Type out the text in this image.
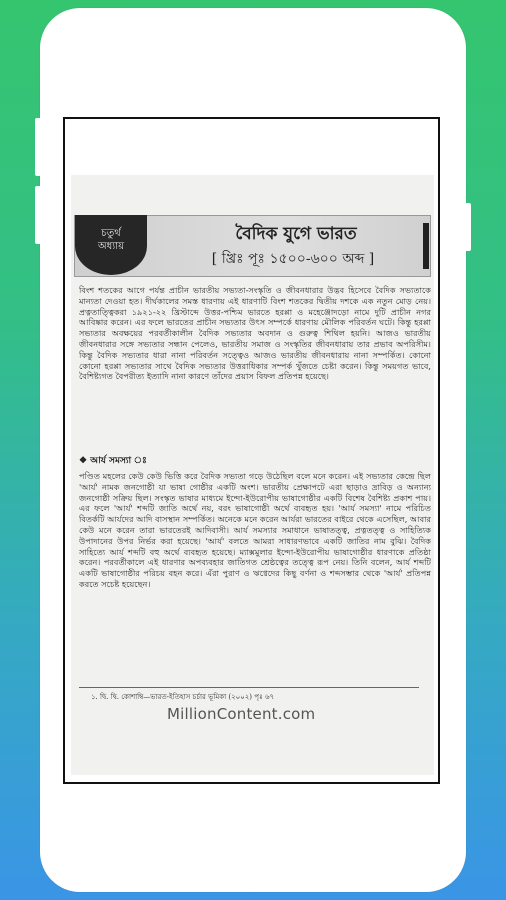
চতুর্থ
অধ্যায়
বৈদিক যুগে ভারত
[ খ্রিঃ পূঃ ১৫০০-৬০০ অব্দ ]
বিংশ শতকের আগে পর্যন্ত প্রাচীন ভারতীয় সভ্যতা-সংস্কৃতি ও জীবনধারার উদ্ভব হিসেবে বৈদিক সভ্যতাকে মান্যতা দেওয়া হত। দীর্ঘকালের সমস্ত ধারণায় এই ধারণাটি বিংশ শতকের দ্বিতীয় দশকে এক নতুন মোড় নেয়। প্রত্নতাত্ত্বিকরা ১৯২১-২২ খ্রিস্টাব্দে উত্তর-পশ্চিম ভারতে হরপ্পা ও মহেঞ্জোদড়ো নামে দুটি প্রাচীন নগর আবিষ্কার করেন। এর ফলে ভারতের প্রাচীন সভ্যতার উৎস সম্পর্কে ধারণায় মৌলিক পরিবর্তন ঘটে। কিন্তু হরপ্পা সভ্যতার অবক্ষয়ের পরবর্তীকালীন বৈদিক সভ্যতার অবদান ও গুরুত্ব শিথিল হয়নি। আজও ভারতীয় জীবনধারার সঙ্গে সভ্যতার সন্ধান পেলেও, ভারতীয় সমাজ ও সংস্কৃতির জীবনধারায় তার প্রভাব অপরিসীম। কিন্তু বৈদিক সভ্যতার ধারা নানা পরিবর্তন সত্ত্বেও আজও ভারতীয় জীবনধারায় নানা সম্পর্কিত। কোনো কোনো হরপ্পা সভ্যতার সাথে বৈদিক সভ্যতার উত্তরাধিকার সম্পর্ক খুঁজতে চেষ্টা করেন। কিন্তু সময়গত ভাবে, বৈশিষ্ট্যগত বৈপরীত্য ইত্যাদি নানা কারণে তাঁদের প্রয়াস বিফল প্রতিপন্ন হয়েছে।
❖ আর্য সমস্যা ঃ
পণ্ডিত মহলের কেউ কেউ ভিত্তি করে বৈদিক সভ্যতা গড়ে উঠেছিল বলে মনে করেন। এই সভ্যতার কেন্দ্রে ছিল 'আর্য' নামক জনগোষ্ঠী যা ভাষা গোষ্ঠীর একটি অংশ। ভারতীয় প্রেক্ষাপটে এরা ছাড়াও দ্রাবিড় ও অন্যান্য জনগোষ্ঠী সক্রিয় ছিল। সংস্কৃত ভাষার মাধ্যমে ইন্দো-ইউরোপীয় ভাষাগোষ্ঠীর একটি বিশেষ বৈশিষ্ট্য প্রকাশ পায়। এর ফলে 'আর্য' শব্দটি জাতি অর্থে নয়, বরং ভাষাগোষ্ঠী অর্থে ব্যবহৃত হয়। 'আর্য সমস্যা' নামে পরিচিত বিতর্কটি আর্যদের আদি বাসস্থান সম্পর্কিত। অনেকে মনে করেন আর্যরা ভারতের বাইরে থেকে এসেছিল, আবার কেউ মনে করেন তারা ভারতেরই আদিবাসী। আর্য সমস্যার সমাধানে ভাষাতত্ত্ব, প্রত্নতত্ত্ব ও সাহিত্যিক উপাদানের উপর নির্ভর করা হয়েছে। 'আর্য' বলতে আমরা সাধারণভাবে একটি জাতির নাম বুঝি। বৈদিক সাহিত্যে আর্য শব্দটি বহু অর্থে ব্যবহৃত হয়েছে। ম্যাক্সমুলার ইন্দো-ইউরোপীয় ভাষাগোষ্ঠীর ধারণাকে প্রতিষ্ঠা করেন। পরবর্তীকালে এই ধারণার অপব্যবহার জাতিগত শ্রেষ্ঠত্বের তত্ত্বে রূপ নেয়। তিনি বলেন, আর্য শব্দটি একটি ভাষাগোষ্ঠীর পরিচয় বহন করে। এঁরা পুরাণ ও ঋগ্বেদের কিছু বর্ণনা ও শব্দসম্ভার থেকে 'আর্য' প্রতিপন্ন করতে সচেষ্ট হয়েছেন।
১. দ্বি. দ্বি. কোশাম্বি—ভারত-ইতিহাস চর্চার ভূমিকা (২০০২) পৃঃ ৬৭
MillionContent.com
